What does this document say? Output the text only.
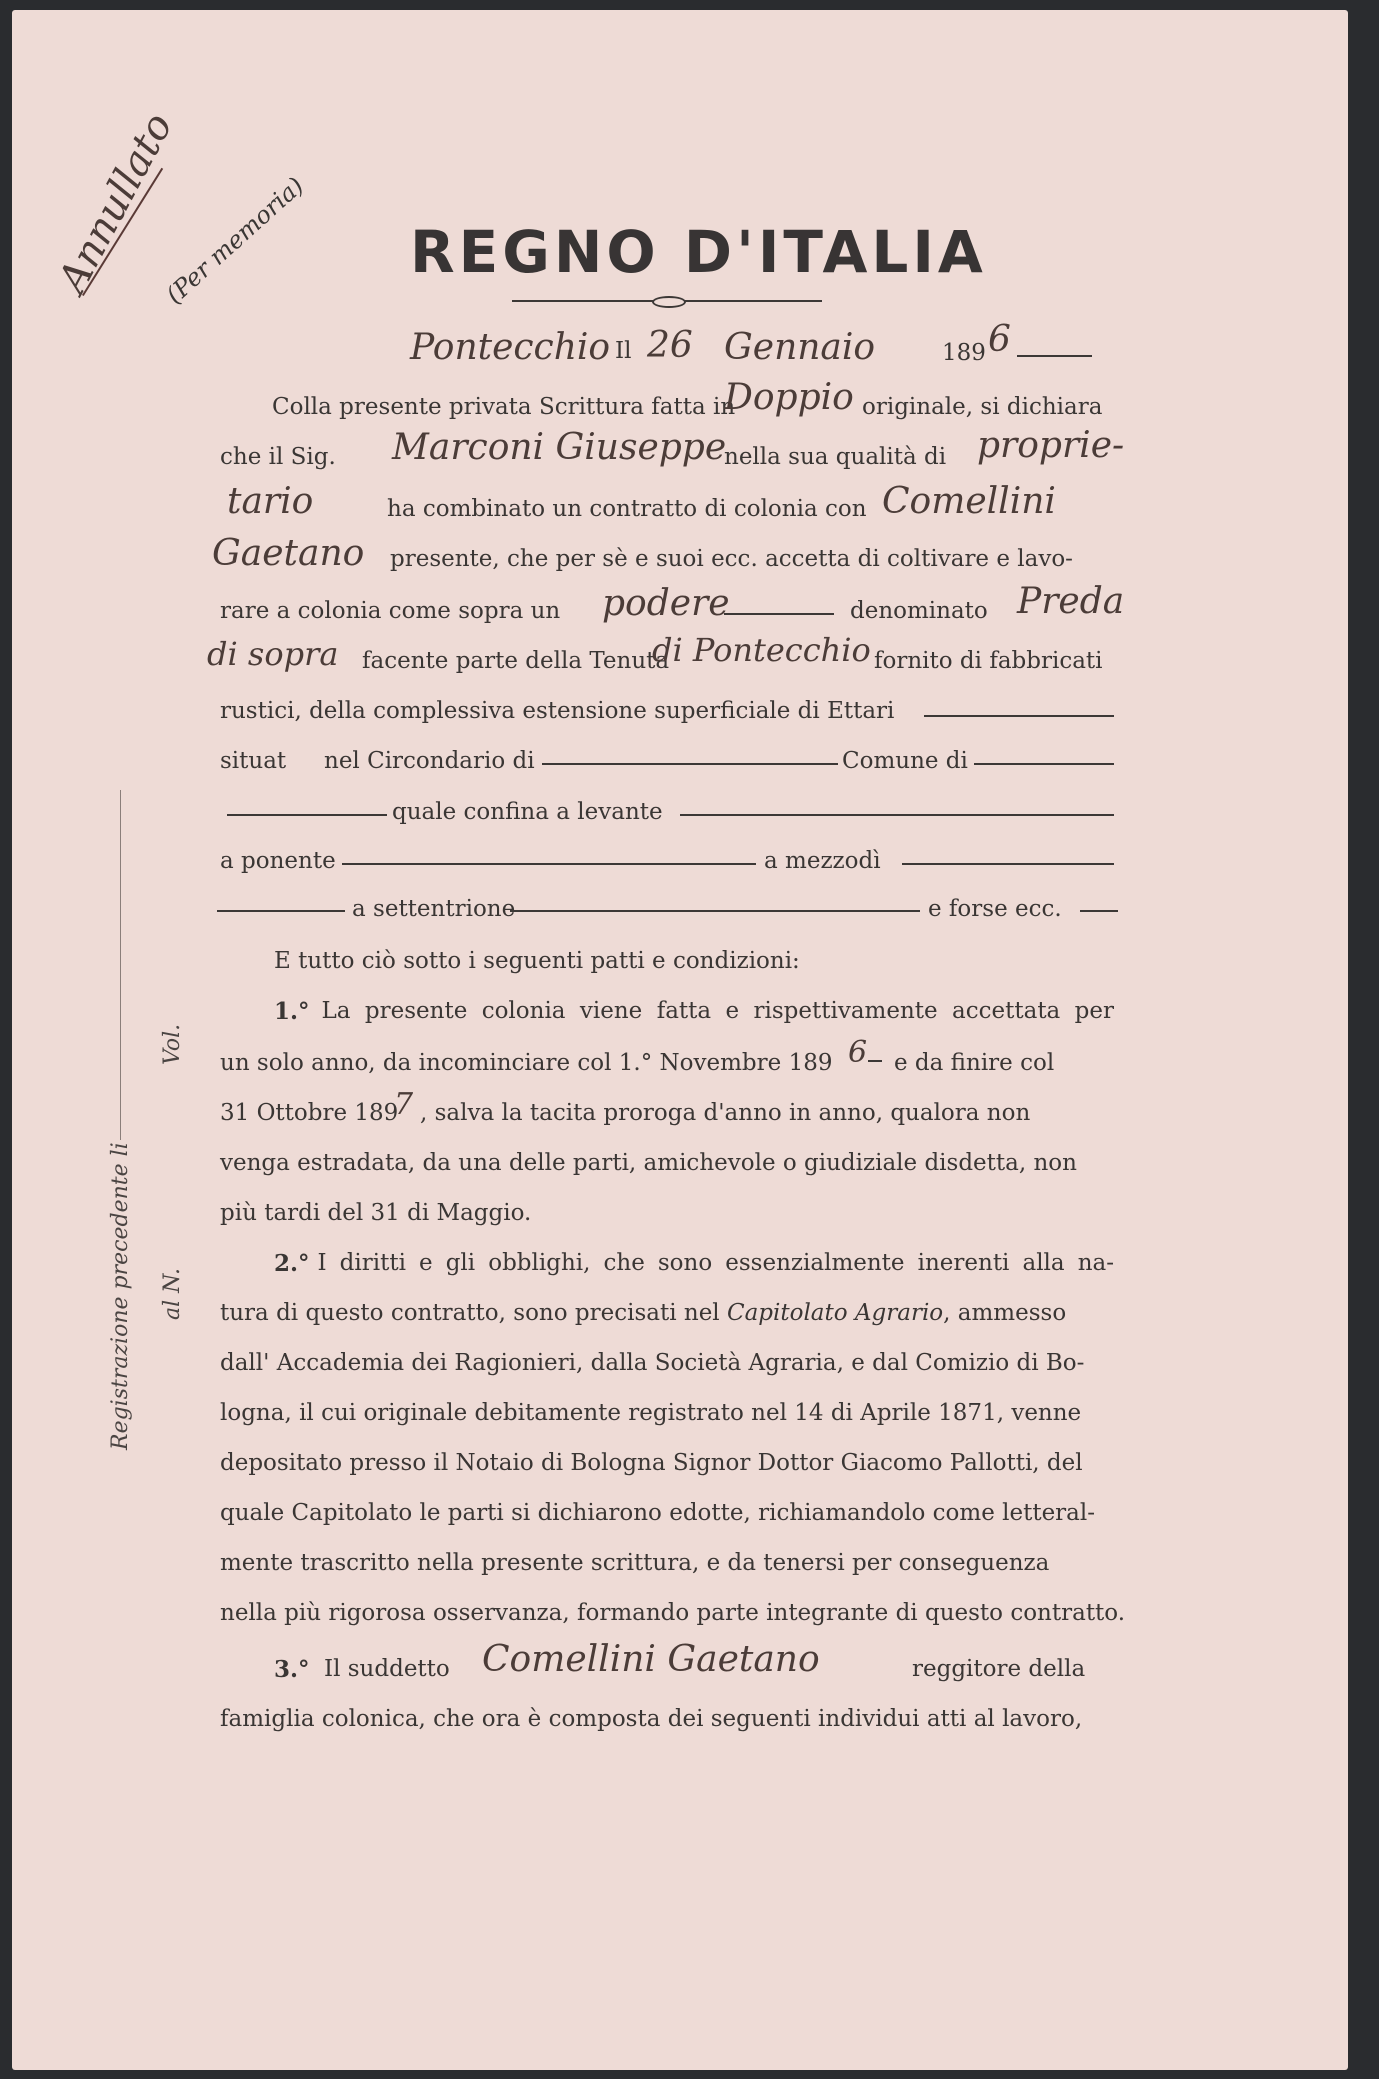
Annullato
(Per memoria)
Registrazione precedente li al N.
Vol.
REGNO D'ITALIA
Pontecchio Il 26 Gennaio	189 6
Colla presente privata Scrittura fatta in
Doppio originale, si dichiara
che il Sig. Marconi Giuseppe
nella sua qualità di proprie-
tario	ha combinato un contratto di colonia con Comellini
Gaetano presente, che per sè e suoi ecc. accetta di coltivare e lavo-
rare a colonia come sopra un podere	denominato Preda
di sopra facente parte della Tenuta
di Pontecchio fornito di fabbricati
rustici, della complessiva estensione superficiale di Ettari
situat nel Circondario di	Comune di
quale confina a levante
a ponente	a mezzodì
a settentrione	e forse ecc.
E tutto ciò sotto i seguenti patti e condizioni:
1.° La presente colonia viene fatta e rispettivamente accettata per
un solo anno, da incominciare col 1.° Novembre 189 6 e da finire col
31 Ottobre 189
7 , salva la tacita proroga d'anno in anno, qualora non
venga estradata, da una delle parti, amichevole o giudiziale disdetta, non
più tardi del 31 di Maggio.
2.° I diritti e gli obblighi, che sono essenzialmente inerenti alla na-
tura di questo contratto, sono precisati nel Capitolato Agrario, ammesso
dall' Accademia dei Ragionieri, dalla Società Agraria, e dal Comizio di Bo-
logna, il cui originale debitamente registrato nel 14 di Aprile 1871, venne
depositato presso il Notaio di Bologna Signor Dottor Giacomo Pallotti, del
quale Capitolato le parti si dichiarono edotte, richiamandolo come letteral-
mente trascritto nella presente scrittura, e da tenersi per conseguenza
nella più rigorosa osservanza, formando parte integrante di questo contratto.
3.° Il suddetto Comellini Gaetano	reggitore della
famiglia colonica, che ora è composta dei seguenti individui atti al lavoro,
